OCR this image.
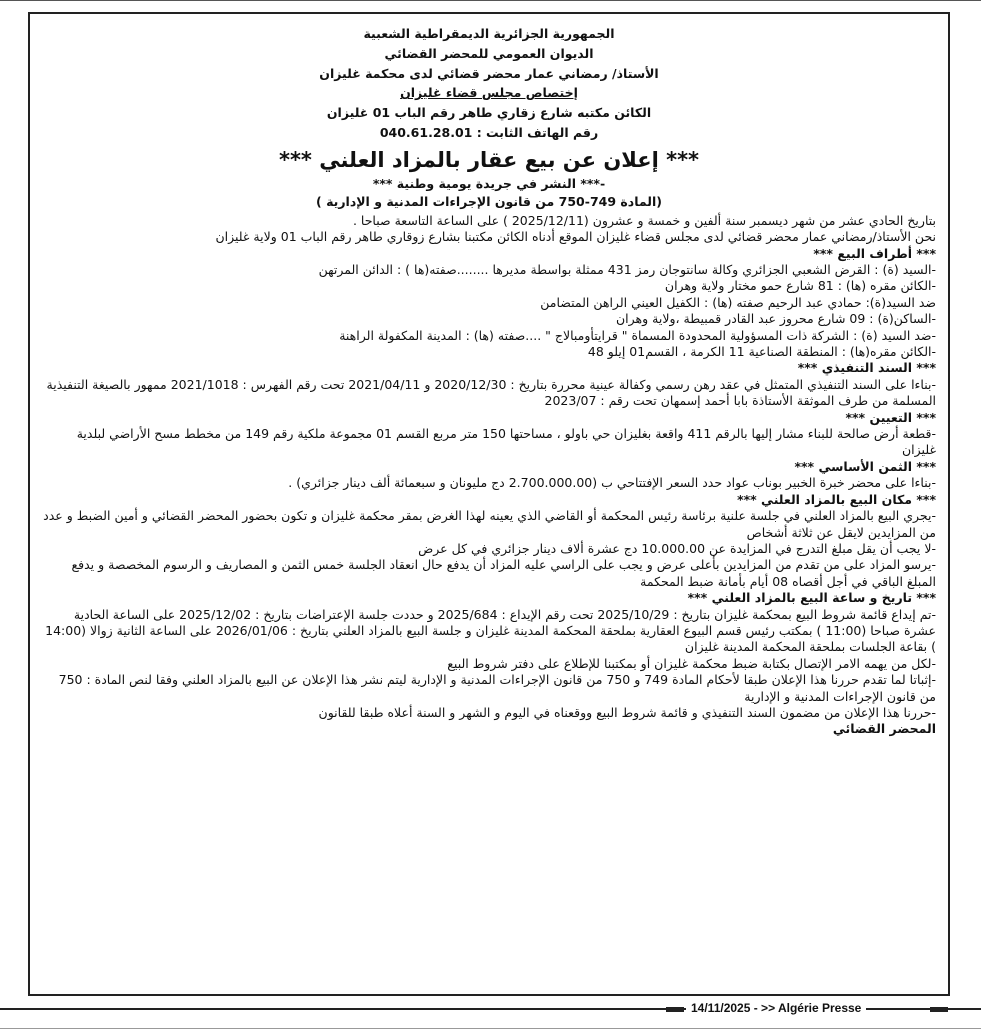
الجمهورية الجزائرية الديمقراطية الشعبية
الديوان العمومي للمحضر القضائي
الأستاذ/ رمضاني عمار محضر قضائي لدى محكمة غليزان
إختصاص مجلس قضاء غليزان
الكائن مكتبه شارع زقاري طاهر رقم الباب 01 غليزان
رقم الهاتف الثابت : 040.61.28.01
*** إعلان عن بيع عقار بالمزاد العلني ***
-*** النشر في جريدة يومية وطنية ***
(المادة 749-750 من قانون الإجراءات المدنية و الإدارية )

بتاريخ الحادي عشر من شهر ديسمبر سنة ألفين و خمسة و عشرون (2025/12/11 ) على الساعة التاسعة صباحا .

نحن الأستاذ/رمضاني عمار محضر قضائي لدى مجلس قضاء غليزان الموقع أدناه الكائن مكتبنا بشارع زوقاري طاهر رقم الباب 01 ولاية غليزان

*** أطراف البيع ***

-السيد (ة) : القرض الشعبي الجزائري وكالة سانتوجان رمز 431 ممثلة بواسطة مديرها ........صفته(ها ) : الدائن المرتهن

-الكائن مقره (ها) : 81 شارع حمو مختار ولاية وهران

ضد السيد(ة): حمادي عبد الرحيم صفته (ها) : الكفيل العيني الراهن المتضامن

-الساكن(ة) : 09 شارع محروز عبد القادر قمبيطة ،ولاية وهران

-ضد السيد (ة) : الشركة ذات المسؤولية المحدودة المسماة " قرايتأومبالاج " ....صفته (ها) : المدينة المكفولة الراهنة

-الكائن مقره(ها) : المنطقة الصناعية 11 الكرمة ، القسم01 إيلو 48

*** السند التنفيذي ***

-بناءا على السند التنفيذي المتمثل في عقد رهن رسمي وكفالة عينية محررة بتاريخ : 2020/12/30 و 2021/04/11 تحت رقم الفهرس : 2021/1018 ممهور بالصيغة التنفيذية المسلمة من طرف الموثقة الأستاذة بابا أحمد إسمهان تحت رقم : 2023/07

*** التعيين ***

-قطعة أرض صالحة للبناء مشار إليها بالرقم 411 واقعة بغليزان حي باولو ، مساحتها 150 متر مربع القسم 01 مجموعة ملكية رقم 149 من مخطط مسح الأراضي لبلدية غليزان

*** الثمن الأساسي ***

-بناءا على محضر خبرة الخبير بوناب عواد حدد السعر الإفتتاحي ب (2.700.000.00 دج مليونان و سبعمائة ألف دينار جزائري) .

*** مكان البيع بالمزاد العلني ***

-يجري البيع بالمزاد العلني في جلسة علنية برئاسة رئيس المحكمة أو القاضي الذي يعينه لهذا الغرض بمقر محكمة غليزان و تكون بحضور المحضر القضائي و أمين الضبط و عدد من المزايدين لايقل عن ثلاثة أشخاص

-لا يجب أن يقل مبلغ التدرج في المزايدة عن 10.000.00 دج عشرة ألاف دينار جزائري في كل عرض

-يرسو المزاد على من تقدم من المزايدين بأعلى عرض و يجب على الراسي عليه المزاد أن يدفع حال انعقاد الجلسة خمس الثمن و المصاريف و الرسوم المخصصة و يدفع المبلغ الباقي في أجل أقصاه 08 أيام بأمانة ضبط المحكمة

*** تاريخ و ساعة البيع بالمزاد العلني ***

-تم إيداع قائمة شروط البيع بمحكمة غليزان بتاريخ : 2025/10/29 تحت رقم الإيداع : 2025/684 و حددت جلسة الإعتراضات بتاريخ : 2025/12/02 على الساعة الحادية عشرة صباحا (11:00 ) بمكتب رئيس قسم البيوع العقارية بملحقة المحكمة المدينة غليزان و جلسة البيع بالمزاد العلني بتاريخ : 2026/01/06 على الساعة الثانية زوالا (14:00 ) بقاعة الجلسات بملحقة المحكمة المدينة غليزان

-لكل من يهمه الامر الإتصال بكتابة ضبط محكمة غليزان أو بمكتبنا للإطلاع على دفتر شروط البيع

-إثباتا لما تقدم حررنا هذا الإعلان طبقا لأحكام المادة 749 و 750 من قانون الإجراءات المدنية و الإدارية ليتم نشر هذا الإعلان عن البيع بالمزاد العلني وفقا لنص المادة : 750 من قانون الإجراءات المدنية و الإدارية

-حررنا هذا الإعلان من مضمون السند التنفيذي و قائمة شروط البيع ووقعناه في اليوم و الشهر و السنة أعلاه طبقا للقانون

المحضر القضائي
14/11/2025 - >> Algérie Presse
